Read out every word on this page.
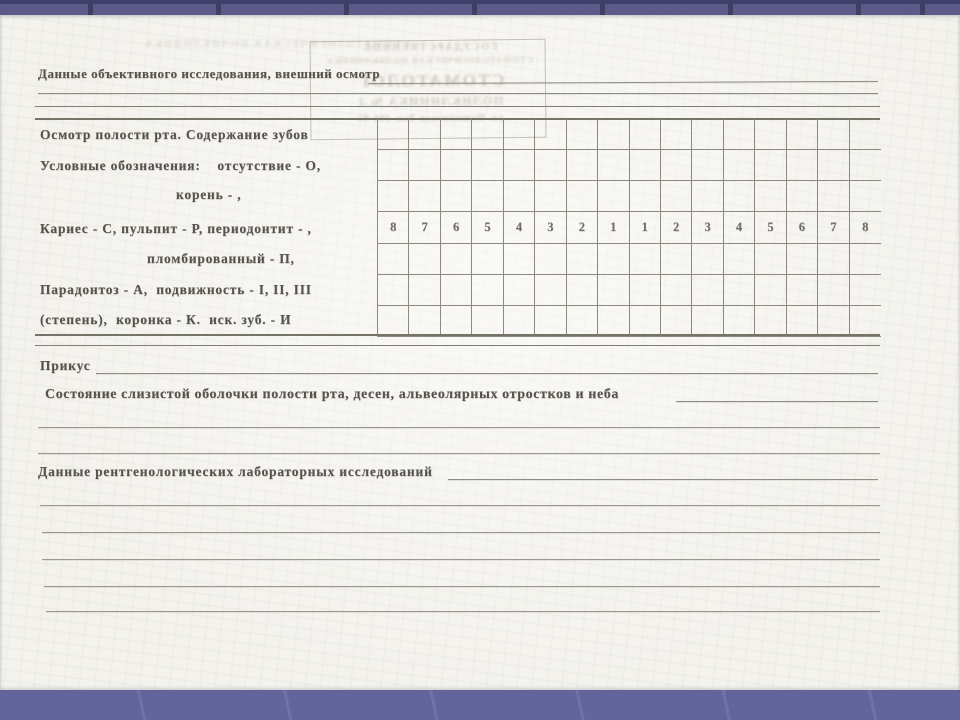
СТОМАТОЛОГИЧЕСКАЯ ПОЛИКЛИНИКА
ГОСУДАРСТВЕННОЕ
СТОМАТОЛОГИЧЕСКАЯ ПОЛИКЛИНИКА
СТОМАТОЛОГ
ПОЛИКЛИНИКА № 2
ул. Пушкинская Тел. 266-05
Данные объективного исследования, внешний осмотр
Осмотр полости рта. Содержание зубов
Условные обозначения:    отсутствие - О,
корень - ,
Кариес - С, пульпит - Р, периодонтит - ,
пломбированный - П,
Парадонтоз - А,  подвижность - I, II, III
(степень),  коронка - К.  иск. зуб. - И
8	7	6	5	4	3	2	1	1	2	3	4	5	6	7	8
Прикус
Состояние слизистой оболочки полости рта, десен, альвеолярных отростков и неба
Данные рентгенологических лабораторных исследований
